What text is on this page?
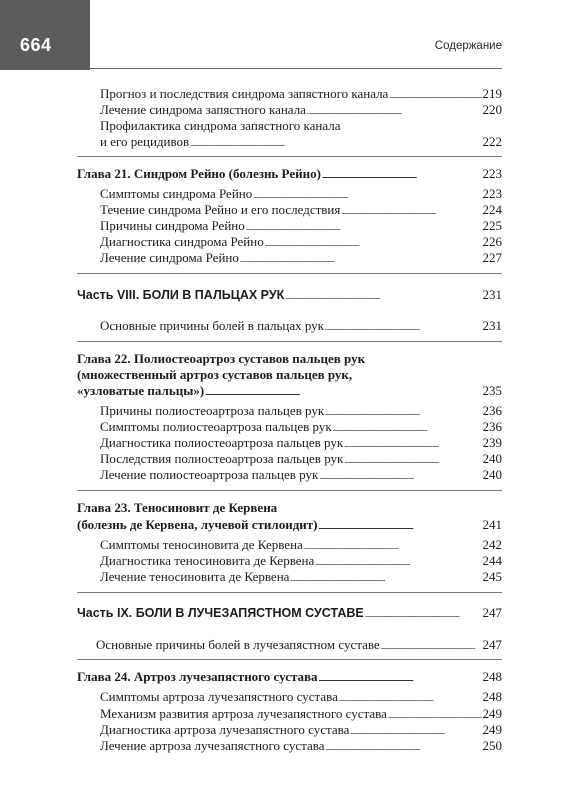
664	Содержание
Прогноз и последствия синдрома запястного канала . . .	219
Лечение синдрома запястного канала . . .	220
Профилактика синдрома запястного канала
и его рецидивов . . .	222
Глава 21. Синдром Рейно (болезнь Рейно) . . .	223
Симптомы синдрома Рейно . . .	223
Течение синдрома Рейно и его последствия . . .	224
Причины синдрома Рейно . . .	225
Диагностика синдрома Рейно . . .	226
Лечение синдрома Рейно . . .	227
Часть VIII. БОЛИ В ПАЛЬЦАХ РУК . . .	231
Основные причины болей в пальцах рук . . .	231
Глава 22. Полиостеоартроз суставов пальцев рук
(множественный артроз суставов пальцев рук,
«узловатые пальцы») . . .	235
Причины полиостеоартроза пальцев рук . . .	236
Симптомы полиостеоартроза пальцев рук . . .	236
Диагностика полиостеоартроза пальцев рук . . .	239
Последствия полиостеоартроза пальцев рук . . .	240
Лечение полиостеоартроза пальцев рук . . .	240
Глава 23. Теносиновит де Кервена
(болезнь де Кервена, лучевой стилоидит) . . .	241
Симптомы теносиновита де Кервена . . .	242
Диагностика теносиновита де Кервена . . .	244
Лечение теносиновита де Кервена . . .	245
Часть IX. БОЛИ В ЛУЧЕЗАПЯСТНОМ СУСТАВЕ . . .	247
Основные причины болей в лучезапястном суставе . . .	247
Глава 24. Артроз лучезапястного сустава . . .	248
Симптомы артроза лучезапястного сустава . . .	248
Механизм развития артроза лучезапястного сустава . . .	249
Диагностика артроза лучезапястного сустава . . .	249
Лечение артроза лучезапястного сустава . . .	250
